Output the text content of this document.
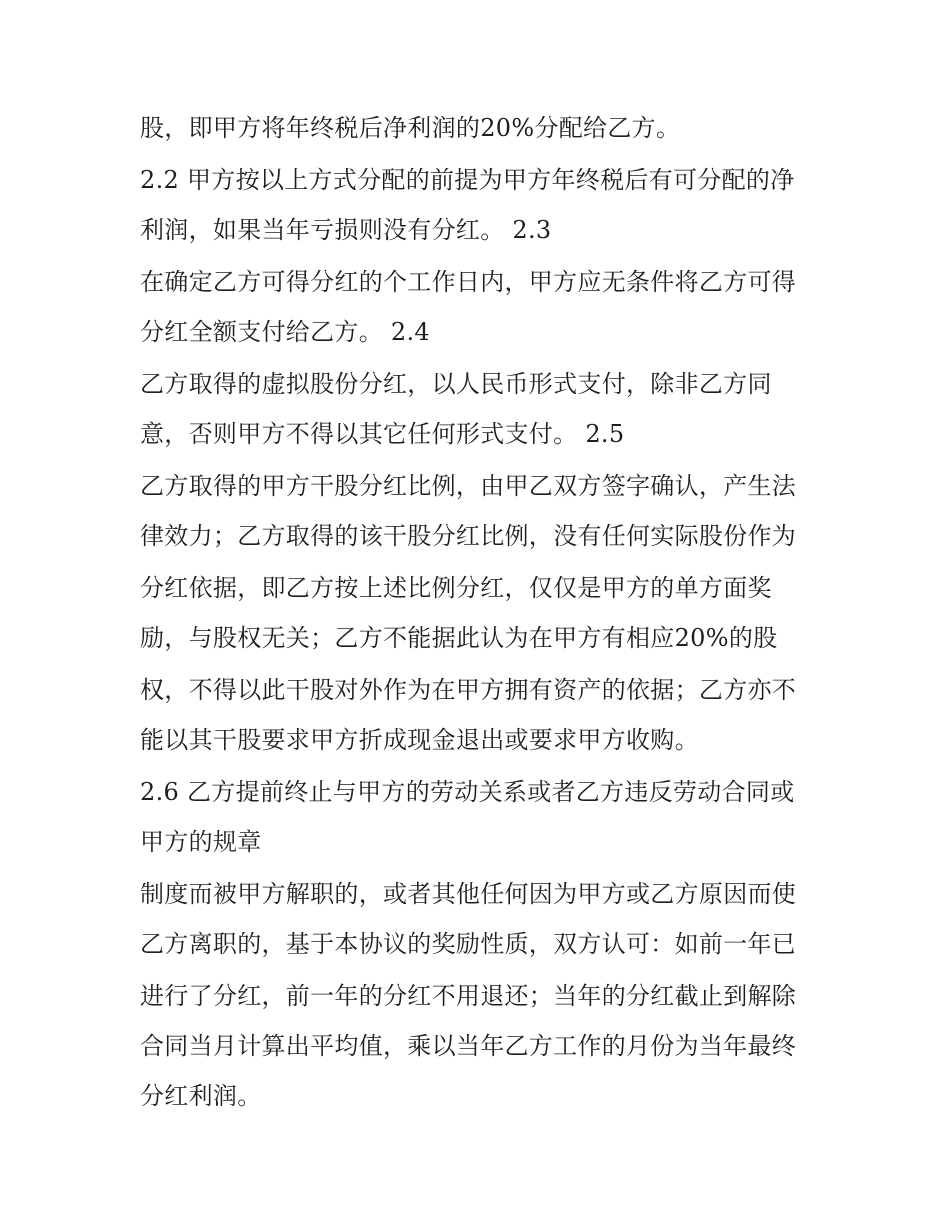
股，即甲方将年终税后净利润的20%分配给乙方。
2.2 甲方按以上方式分配的前提为甲方年终税后有可分配的净
利润，如果当年亏损则没有分红。 2.3
在确定乙方可得分红的个工作日内，甲方应无条件将乙方可得
分红全额支付给乙方。 2.4
乙方取得的虚拟股份分红，以人民币形式支付，除非乙方同
意，否则甲方不得以其它任何形式支付。 2.5
乙方取得的甲方干股分红比例，由甲乙双方签字确认，产生法
律效力；乙方取得的该干股分红比例，没有任何实际股份作为
分红依据，即乙方按上述比例分红，仅仅是甲方的单方面奖
励，与股权无关；乙方不能据此认为在甲方有相应20%的股
权，不得以此干股对外作为在甲方拥有资产的依据；乙方亦不
能以其干股要求甲方折成现金退出或要求甲方收购。
2.6 乙方提前终止与甲方的劳动关系或者乙方违反劳动合同或
甲方的规章
制度而被甲方解职的，或者其他任何因为甲方或乙方原因而使
乙方离职的，基于本协议的奖励性质，双方认可：如前一年已
进行了分红，前一年的分红不用退还；当年的分红截止到解除
合同当月计算出平均值，乘以当年乙方工作的月份为当年最终
分红利润。
